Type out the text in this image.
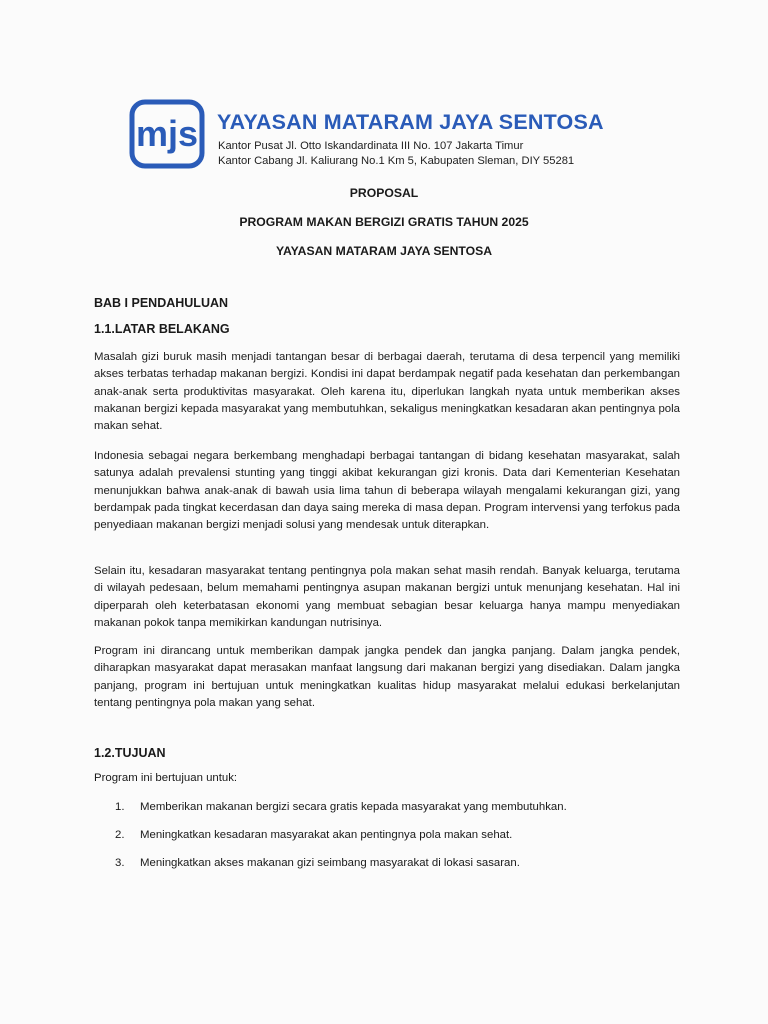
mjs YAYASAN MATARAM JAYA SENTOSA
Kantor Pusat Jl. Otto Iskandardinata III No. 107 Jakarta Timur
Kantor Cabang Jl. Kaliurang No.1 Km 5, Kabupaten Sleman, DIY 55281
PROPOSAL
PROGRAM MAKAN BERGIZI GRATIS TAHUN 2025
YAYASAN MATARAM JAYA SENTOSA
BAB I PENDAHULUAN
1.1.LATAR BELAKANG
Masalah gizi buruk masih menjadi tantangan besar di berbagai daerah, terutama di desa terpencil yang memiliki akses terbatas terhadap makanan bergizi. Kondisi ini dapat berdampak negatif pada kesehatan dan perkembangan anak-anak serta produktivitas masyarakat. Oleh karena itu, diperlukan langkah nyata untuk memberikan akses makanan bergizi kepada masyarakat yang membutuhkan, sekaligus meningkatkan kesadaran akan pentingnya pola makan sehat.
Indonesia sebagai negara berkembang menghadapi berbagai tantangan di bidang kesehatan masyarakat, salah satunya adalah prevalensi stunting yang tinggi akibat kekurangan gizi kronis. Data dari Kementerian Kesehatan menunjukkan bahwa anak-anak di bawah usia lima tahun di beberapa wilayah mengalami kekurangan gizi, yang berdampak pada tingkat kecerdasan dan daya saing mereka di masa depan. Program intervensi yang terfokus pada penyediaan makanan bergizi menjadi solusi yang mendesak untuk diterapkan.
Selain itu, kesadaran masyarakat tentang pentingnya pola makan sehat masih rendah. Banyak keluarga, terutama di wilayah pedesaan, belum memahami pentingnya asupan makanan bergizi untuk menunjang kesehatan. Hal ini diperparah oleh keterbatasan ekonomi yang membuat sebagian besar keluarga hanya mampu menyediakan makanan pokok tanpa memikirkan kandungan nutrisinya.
Program ini dirancang untuk memberikan dampak jangka pendek dan jangka panjang. Dalam jangka pendek, diharapkan masyarakat dapat merasakan manfaat langsung dari makanan bergizi yang disediakan. Dalam jangka panjang, program ini bertujuan untuk meningkatkan kualitas hidup masyarakat melalui edukasi berkelanjutan tentang pentingnya pola makan yang sehat.
1.2.TUJUAN
Program ini bertujuan untuk:
1. Memberikan makanan bergizi secara gratis kepada masyarakat yang membutuhkan.
2. Meningkatkan kesadaran masyarakat akan pentingnya pola makan sehat.
3. Meningkatkan akses makanan gizi seimbang masyarakat di lokasi sasaran.
